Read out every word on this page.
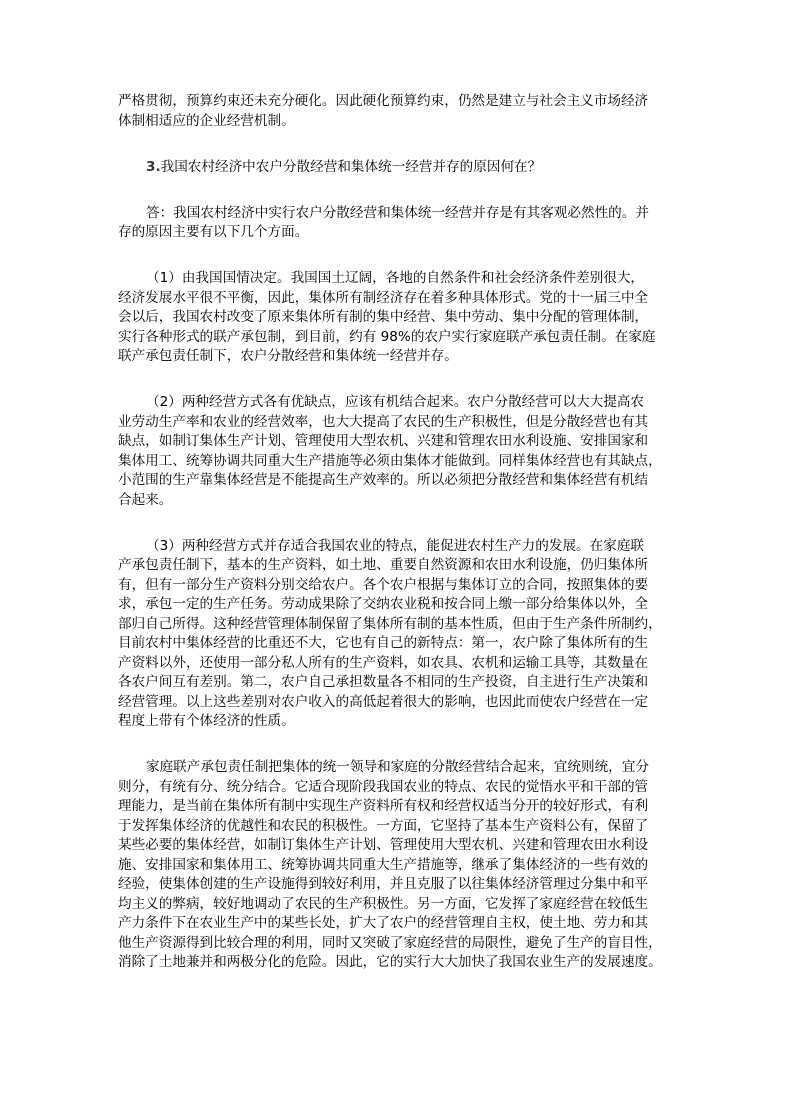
严格贯彻，预算约束还未充分硬化。因此硬化预算约束，仍然是建立与社会主义市场经济
体制相适应的企业经营机制。
3.我国农村经济中农户分散经营和集体统一经营并存的原因何在？
答：我国农村经济中实行农户分散经营和集体统一经营并存是有其客观必然性的。并
存的原因主要有以下几个方面。
（1）由我国国情决定。我国国土辽阔，各地的自然条件和社会经济条件差别很大，
经济发展水平很不平衡，因此，集体所有制经济存在着多种具体形式。党的十一届三中全
会以后，我国农村改变了原来集体所有制的集中经营、集中劳动、集中分配的管理体制，
实行各种形式的联产承包制，到目前，约有 98%的农户实行家庭联产承包责任制。在家庭
联产承包责任制下，农户分散经营和集体统一经营并存。
（2）两种经营方式各有优缺点，应该有机结合起来。农户分散经营可以大大提高农
业劳动生产率和农业的经营效率，也大大提高了农民的生产积极性，但是分散经营也有其
缺点，如制订集体生产计划、管理使用大型农机、兴建和管理农田水利设施、安排国家和
集体用工、统筹协调共同重大生产措施等必须由集体才能做到。同样集体经营也有其缺点，
小范围的生产靠集体经营是不能提高生产效率的。所以必须把分散经营和集体经营有机结
合起来。
（3）两种经营方式并存适合我国农业的特点，能促进农村生产力的发展。在家庭联
产承包责任制下，基本的生产资料，如土地、重要自然资源和农田水利设施，仍归集体所
有，但有一部分生产资料分别交给农户。各个农户根据与集体订立的合同，按照集体的要
求，承包一定的生产任务。劳动成果除了交纳农业税和按合同上缴一部分给集体以外，全
部归自己所得。这种经营管理体制保留了集体所有制的基本性质，但由于生产条件所制约，
目前农村中集体经营的比重还不大，它也有自己的新特点：第一，农户除了集体所有的生
产资料以外，还使用一部分私人所有的生产资料，如农具、农机和运输工具等，其数量在
各农户间互有差别。第二，农户自己承担数量各不相同的生产投资，自主进行生产决策和
经营管理。以上这些差别对农户收入的高低起着很大的影响，也因此而使农户经营在一定
程度上带有个体经济的性质。
家庭联产承包责任制把集体的统一领导和家庭的分散经营结合起来，宜统则统，宜分
则分，有统有分、统分结合。它适合现阶段我国农业的特点、农民的觉悟水平和干部的管
理能力，是当前在集体所有制中实现生产资料所有权和经营权适当分开的较好形式，有利
于发挥集体经济的优越性和农民的积极性。一方面，它坚持了基本生产资料公有，保留了
某些必要的集体经营，如制订集体生产计划、管理使用大型农机、兴建和管理农田水利设
施、安排国家和集体用工、统筹协调共同重大生产措施等，继承了集体经济的一些有效的
经验，使集体创建的生产设施得到较好利用，并且克服了以往集体经济管理过分集中和平
均主义的弊病，较好地调动了农民的生产积极性。另一方面，它发挥了家庭经营在较低生
产力条件下在农业生产中的某些长处，扩大了农户的经营管理自主权，使土地、劳力和其
他生产资源得到比较合理的利用，同时又突破了家庭经营的局限性，避免了生产的盲目性，
消除了土地兼并和两极分化的危险。因此，它的实行大大加快了我国农业生产的发展速度。
